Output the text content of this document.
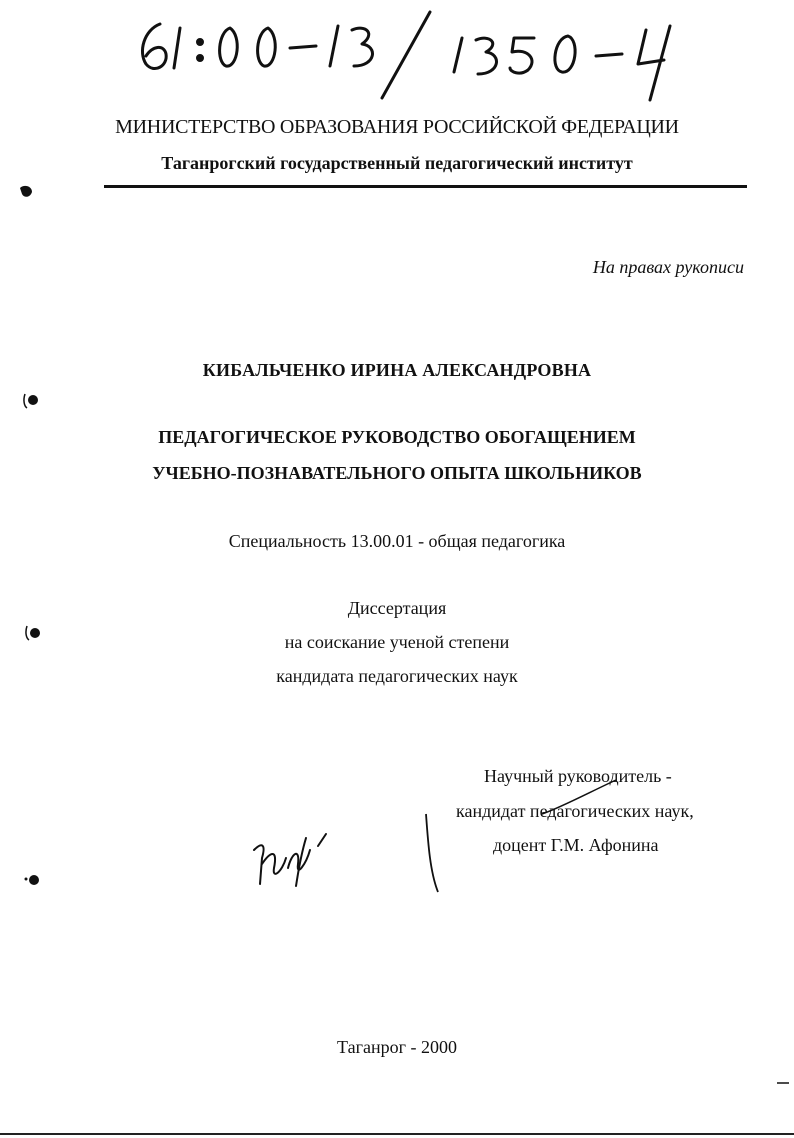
МИНИСТЕРСТВО ОБРАЗОВАНИЯ РОССИЙСКОЙ ФЕДЕРАЦИИ
Таганрогский государственный педагогический институт
На правах рукописи
КИБАЛЬЧЕНКО ИРИНА АЛЕКСАНДРОВНА
ПЕДАГОГИЧЕСКОЕ РУКОВОДСТВО ОБОГАЩЕНИЕМ
УЧЕБНО-ПОЗНАВАТЕЛЬНОГО ОПЫТА ШКОЛЬНИКОВ
Специальность 13.00.01 - общая педагогика
Диссертация
на соискание ученой степени
кандидата педагогических наук
Научный руководитель -
кандидат педагогических наук,
доцент Г.М. Афонина
Таганрог - 2000
